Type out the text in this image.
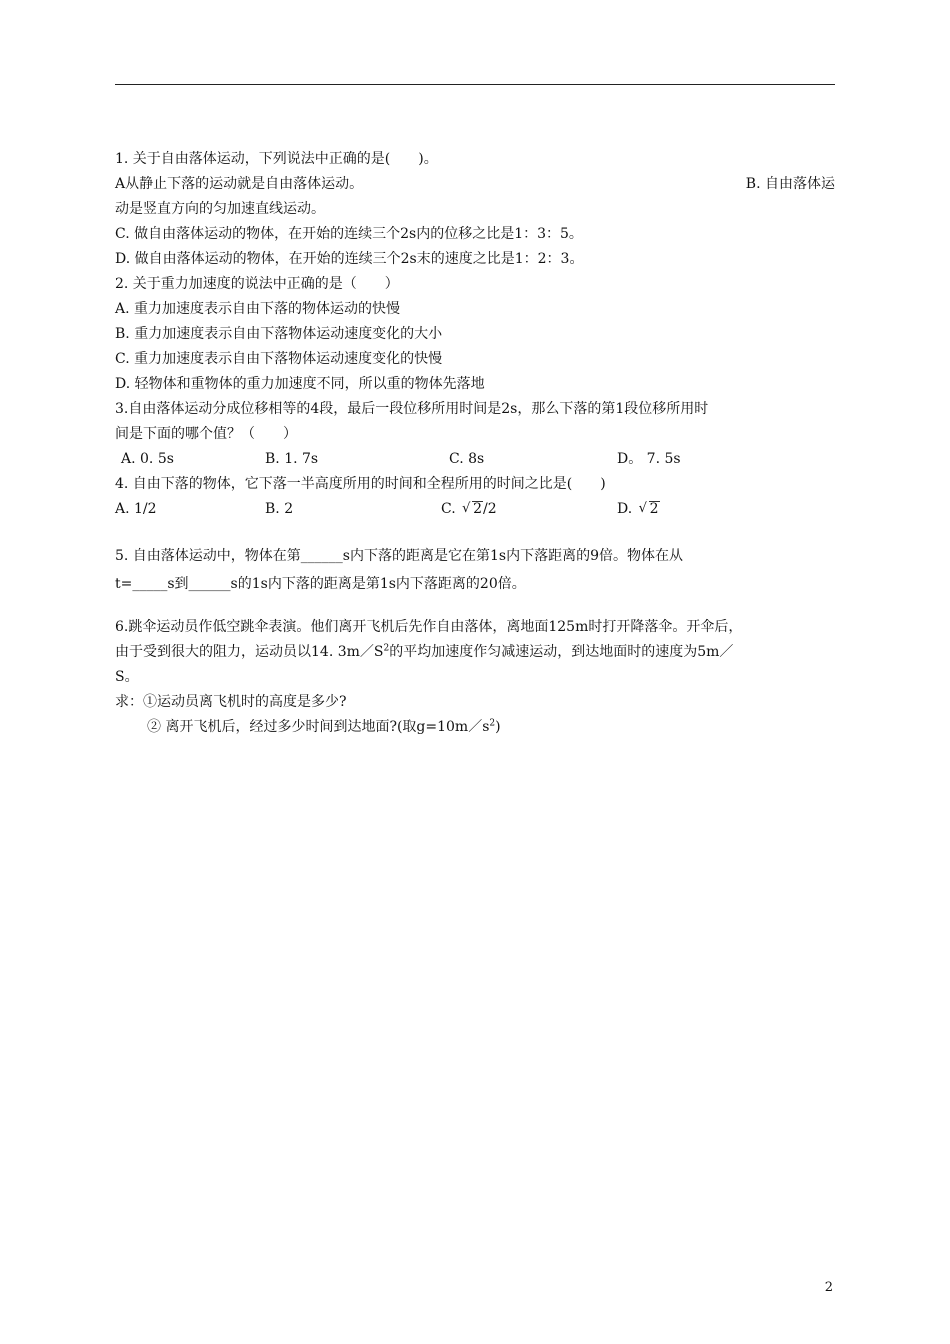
1. 关于自由落体运动，下列说法中正确的是(　　)。
A从静止下落的运动就是自由落体运动。	B. 自由落体运
动是竖直方向的匀加速直线运动。
C. 做自由落体运动的物体，在开始的连续三个2s内的位移之比是1：3：5。
D. 做自由落体运动的物体，在开始的连续三个2s末的速度之比是1：2：3。
2. 关于重力加速度的说法中正确的是（　　）
A. 重力加速度表示自由下落的物体运动的快慢
B. 重力加速度表示自由下落物体运动速度变化的大小
C. 重力加速度表示自由下落物体运动速度变化的快慢
D. 轻物体和重物体的重力加速度不同，所以重的物体先落地
3.自由落体运动分成位移相等的4段，最后一段位移所用时间是2s，那么下落的第1段位移所用时
间是下面的哪个值？（　　）
A. 0. 5s	B. 1. 7s	C. 8s	D。 7. 5s
4. 自由下落的物体，它下落一半高度所用的时间和全程所用的时间之比是(　　)
A. 1/2	B. 2	C. √ 2/2	D. √ 2
5. 自由落体运动中，物体在第______s内下落的距离是它在第1s内下落距离的9倍。物体在从
t=_____s到______s的1s内下落的距离是第1s内下落距离的20倍。
6.跳伞运动员作低空跳伞表演。他们离开飞机后先作自由落体，离地面125m时打开降落伞。开伞后，
由于受到很大的阻力，运动员以14. $3m/S^2$的平均加速度作匀减速运动，到达地面时的速度为5m／
S。
求：①运动员离飞机时的高度是多少?
② 离开飞机后，经过多少时间到达地面?(取$g=10m/s^2$)
2
